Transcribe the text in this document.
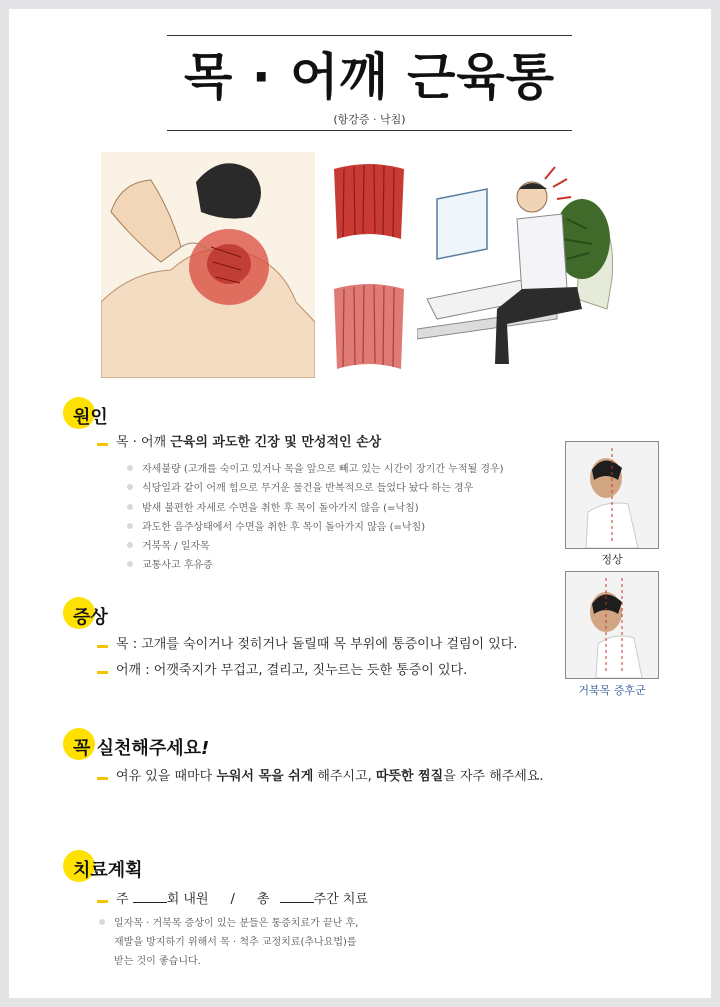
목 · 어깨 근육통
(항강증 · 낙침)
원인
목 · 어깨 근육의 과도한 긴장 및 만성적인 손상
자세불량 (고개를 숙이고 있거나 목을 앞으로 빼고 있는 시간이 장기간 누적될 경우)
식당일과 같이 어깨 힘으로 무거운 물건을 반복적으로 들었다 놨다 하는 경우
밤새 불편한 자세로 수면을 취한 후 목이 돌아가지 않음 (=낙침)
과도한 음주상태에서 수면을 취한 후 목이 돌아가지 않음 (=낙침)
거북목 / 일자목
교통사고 후유증	정상
거북목 증후군
증상
목 : 고개를 숙이거나 젖히거나 돌릴때 목 부위에 통증이나 걸림이 있다.
어깨 : 어깻죽지가 무겁고, 결리고, 짓누르는 듯한 통증이 있다.
꼭 실천해주세요!
여유 있을 때마다 누워서 목을 쉬게 해주시고, 따뜻한 찜질을 자주 해주세요.
치료계획
주	회 내원 / 총	주간 치료
일자목 · 거북목 증상이 있는 분들은 통증치료가 끝난 후,
재발을 방지하기 위해서 목 · 척추 교정치료(추나요법)를
받는 것이 좋습니다.
